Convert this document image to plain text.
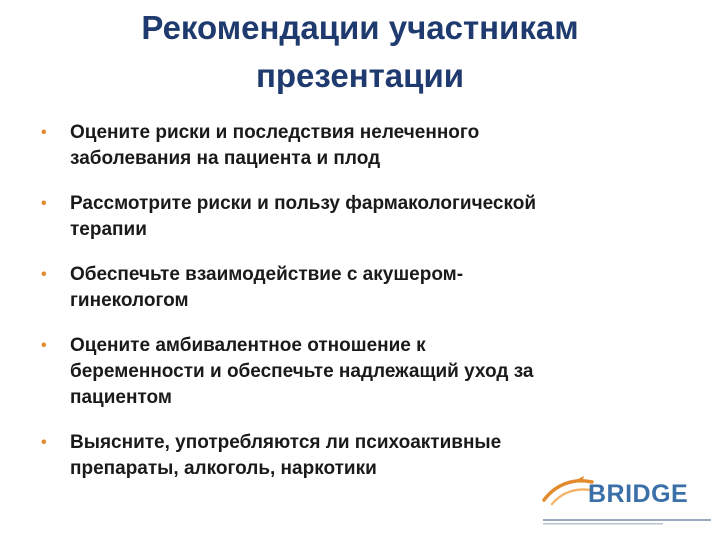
Рекомендации участникам
презентации
• Оцените риски и последствия нелеченного
заболевания на пациента и плод
• Рассмотрите риски и пользу фармакологической
терапии
• Обеспечьте взаимодействие с акушером-
гинекологом
• Оцените амбивалентное отношение к
беременности и обеспечьте надлежащий уход за
пациентом
• Выясните, употребляются ли психоактивные
препараты, алкоголь, наркотики
BRIDGE
